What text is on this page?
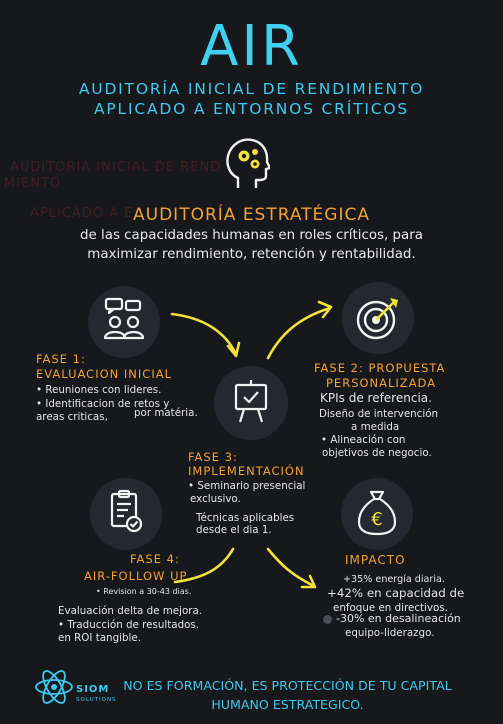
AIR
AUDITORÍA INICIAL DE RENDIMIENTO
APLICADO A ENTORNOS CRÍTICOS
AUDITORÍA INICIAL DE REND
MIENTO
APLICADO A E AUDITORÍA ESTRATÉGICA
de las capacidades humanas en roles críticos, para
maximizar rendimiento, retención y rentabilidad.
FASE 1:
EVALUACION INICIAL
• Reuniones con lideres.
• Identificacion de retos y
areas criticas,	por matéria.
FASE 2: PROPUESTA
PERSONALIZADA
KPIs de referencia.
Diseño de intervención
a medida
• Alineación con
objetivos de negocio.
FASE 3:
IMPLEMENTACIÓN
• Seminario presencial
exclusivo.
Técnicas aplicables
desde el dia 1.
FASE 4:
AIR-FOLLOW UP
• Revision a 30-43 dias.
Evaluación delta de mejora.
• Traducción de resultados.
en ROI tangible.
€
IMPACTO
+35% energía diaria.
+42% en capacidad de
enfoque en directivos.
-30% en desalineación
equipo-liderazgo.
SIOM
SOLUTIONS
NO ES FORMACIÓN, ES PROTECCIÓN DE TU CAPITAL
HUMANO ESTRATEGICO.
